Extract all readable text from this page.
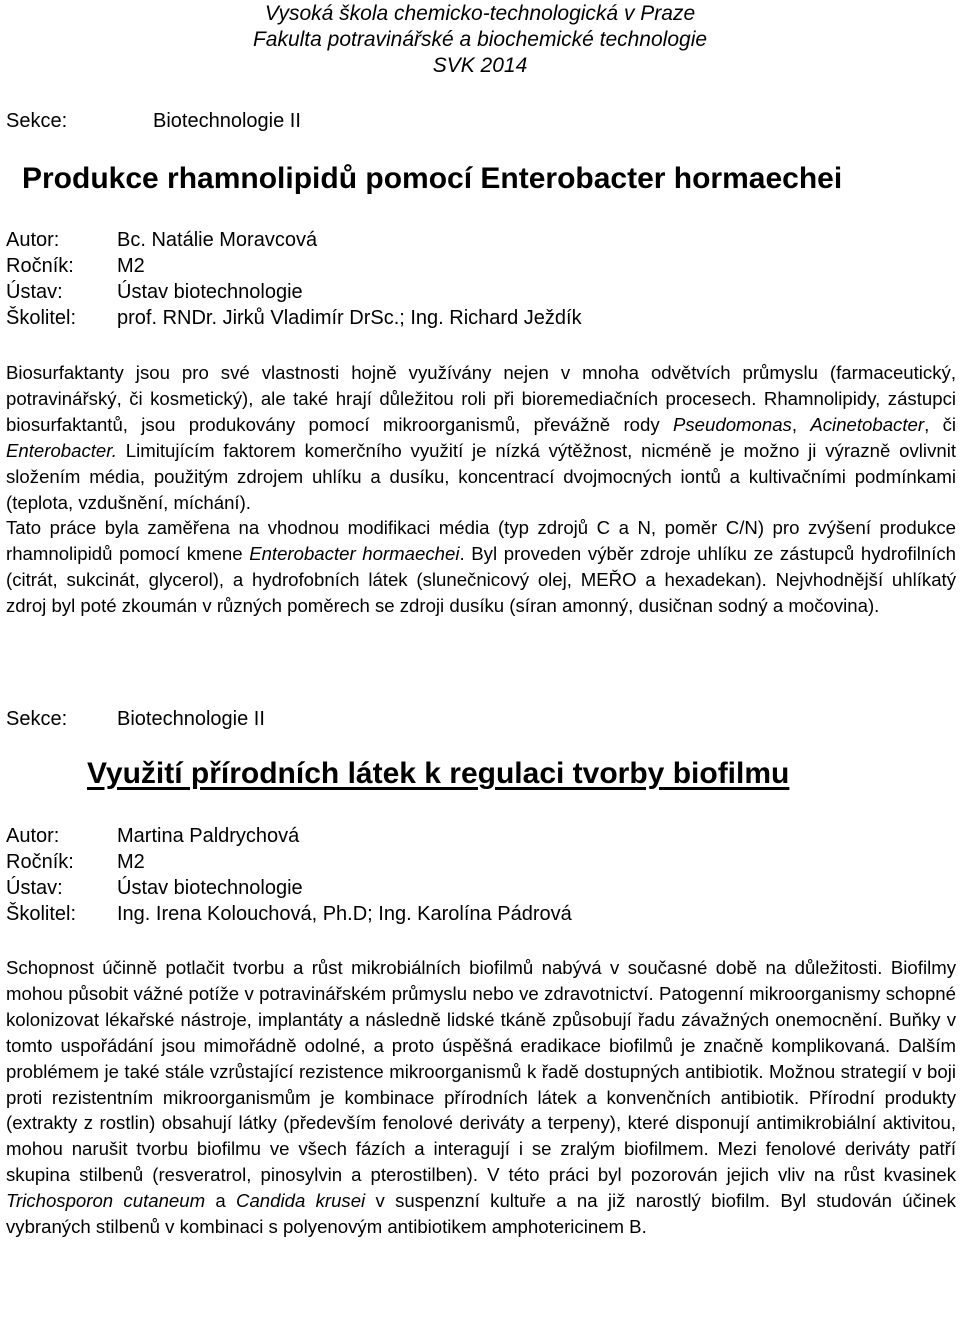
Vysoká škola chemicko-technologická v Praze
Fakulta potravinářské a biochemické technologie
SVK 2014
Sekce:	Biotechnologie II
Produkce rhamnolipidů pomocí Enterobacter hormaechei
Autor:	Bc. Natálie Moravcová
Ročník: M2
Ústav:	Ústav biotechnologie
Školitel: prof. RNDr. Jirků Vladimír DrSc.; Ing. Richard Ježdík

Biosurfaktanty jsou pro své vlastnosti hojně využívány nejen v mnoha odvětvích průmyslu (farmaceutický, potravinářský, či kosmetický), ale také hrají důležitou roli při bioremediačních procesech. Rhamnolipidy, zástupci biosurfaktantů, jsou produkovány pomocí mikroorganismů, převážně rody Pseudomonas, Acinetobacter, či Enterobacter. Limitujícím faktorem komerčního využití je nízká výtěžnost, nicméně je možno ji výrazně ovlivnit složením média, použitým zdrojem uhlíku a dusíku, koncentrací dvojmocných iontů a kultivačními podmínkami (teplota, vzdušnění, míchání).

Tato práce byla zaměřena na vhodnou modifikaci média (typ zdrojů C a N, poměr C/N) pro zvýšení produkce rhamnolipidů pomocí kmene Enterobacter hormaechei. Byl proveden výběr zdroje uhlíku ze zástupců hydrofilních (citrát, sukcinát, glycerol), a hydrofobních látek (slunečnicový olej, MEŘO a hexadekan). Nejvhodnější uhlíkatý zdroj byl poté zkoumán v různých poměrech se zdroji dusíku (síran amonný, dusičnan sodný a močovina).

Sekce: Biotechnologie II
Využití přírodních látek k regulaci tvorby biofilmu
Autor:	Martina Paldrychová
Ročník: M2
Ústav:	Ústav biotechnologie
Školitel: Ing. Irena Kolouchová, Ph.D; Ing. Karolína Pádrová

Schopnost účinně potlačit tvorbu a růst mikrobiálních biofilmů nabývá v současné době na důležitosti. Biofilmy mohou působit vážné potíže v potravinářském průmyslu nebo ve zdravotnictví. Patogenní mikroorganismy schopné kolonizovat lékařské nástroje, implantáty a následně lidské tkáně způsobují řadu závažných onemocnění. Buňky v tomto uspořádání jsou mimořádně odolné, a proto úspěšná eradikace biofilmů je značně komplikovaná. Dalším problémem je také stále vzrůstající rezistence mikroorganismů k řadě dostupných antibiotik. Možnou strategií v boji proti rezistentním mikroorganismům je kombinace přírodních látek a konvenčních antibiotik. Přírodní produkty (extrakty z rostlin) obsahují látky (především fenolové deriváty a terpeny), které disponují antimikrobiální aktivitou, mohou narušit tvorbu biofilmu ve všech fázích a interagují i se zralým biofilmem. Mezi fenolové deriváty patří skupina stilbenů (resveratrol, pinosylvin a pterostilben). V této práci byl pozorován jejich vliv na růst kvasinek Trichosporon cutaneum a Candida krusei v suspenzní kultuře a na již narostlý biofilm. Byl studován účinek vybraných stilbenů v kombinaci s polyenovým antibiotikem amphotericinem B.
